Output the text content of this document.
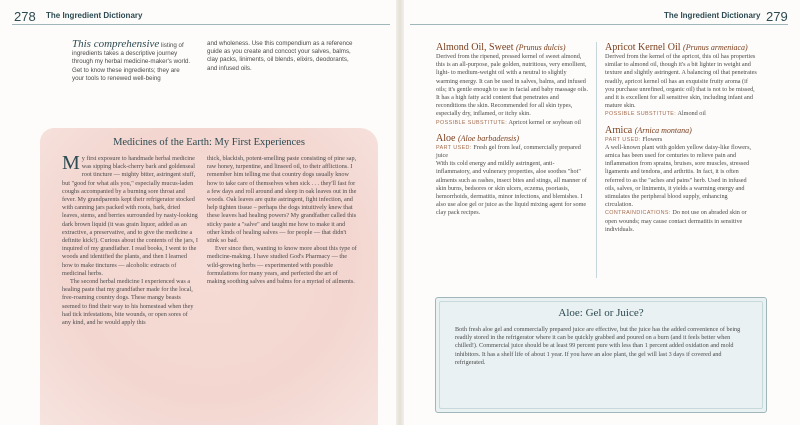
278 The Ingredient Dictionary

This comprehensive listing of ingredients takes a descriptive journey through my herbal medicine-maker's world. Get to know these ingredients; they are your tools to renewed well-being

and wholeness. Use this compendium as a reference guide as you create and concoct your salves, balms, clay packs, liniments, oil blends, elixirs, deodorants, and infused oils.

Medicines of the Earth: My First Experiences

My first exposure to handmade herbal medicine was sipping black-cherry bark and goldenseal root tincture — mighty bitter, astringent stuff, but "good for what ails you," especially mucus-laden coughs accompanied by a burning sore throat and fever. My grandparents kept their refrigerator stocked with canning jars packed with roots, bark, dried leaves, stems, and berries surrounded by nasty-looking dark brown liquid (it was grain liquor, added as an extractive, a preservative, and to give the medicine a definite kick!). Curious about the contents of the jars, I inquired of my grandfather. I read books, I went to the woods and identified the plants, and then I learned how to make tinctures — alcoholic extracts of medicinal herbs.

The second herbal medicine I experienced was a healing paste that my grandfather made for the local, free-roaming country dogs. These mangy beasts seemed to find their way to his homestead when they had tick infestations, bite wounds, or open sores of any kind, and he would apply this

thick, blackish, potent-smelling paste consisting of pine sap, raw honey, turpentine, and linseed oil, to their afflictions. I remember him telling me that country dogs usually know how to take care of themselves when sick . . . they'll fast for a few days and roll around and sleep in oak leaves out in the woods. Oak leaves are quite astringent, fight infection, and help tighten tissue – perhaps the dogs intuitively knew that these leaves had healing powers? My grandfather called this sticky paste a "salve" and taught me how to make it and other kinds of healing salves — for people — that didn't stink so bad.

Ever since then, wanting to know more about this type of medicine-making. I have studied God's Pharmacy — the wild-growing herbs — experimented with possible formulations for many years, and perfected the art of making soothing salves and balms for a myriad of ailments.

The Ingredient Dictionary 279
Almond Oil, Sweet (Prunus dulcis)

Derived from the ripened, pressed kernel of sweet almond, this is an all-purpose, pale golden, nutritious, very emollient, light- to medium-weight oil with a neutral to slightly warming energy. It can be used in salves, balms, and infused oils; it's gentle enough to use in facial and baby massage oils. It has a high fatty acid content that penetrates and reconditions the skin. Recommended for all skin types, especially dry, inflamed, or itchy skin.

POSSIBLE SUBSTITUTE: Apricot kernel or soybean oil

Aloe (Aloe barbadensis)

PART USED: Fresh gel from leaf, commercially prepared juice

With its cold energy and mildly astringent, anti-inflammatory, and vulnerary properties, aloe soothes "hot" ailments such as rashes, insect bites and stings, all manner of skin burns, bedsores or skin ulcers, eczema, psoriasis, hemorrhoids, dermatitis, minor infections, and blemishes. I also use aloe gel or juice as the liquid mixing agent for some clay pack recipes.

Apricot Kernel Oil (Prunus armeniaca)

Derived from the kernel of the apricot, this oil has properties similar to almond oil, though it's a bit lighter in weight and texture and slightly astringent. A balancing oil that penetrates readily, apricot kernel oil has an exquisite fruity aroma (if you purchase unrefined, organic oil) that is not to be missed, and it is excellent for all sensitive skin, including infant and mature skin.

POSSIBLE SUBSTITUTE: Almond oil

Arnica (Arnica montana)

PART USED: Flowers

A well-known plant with golden yellow daisy-like flowers, arnica has been used for centuries to relieve pain and inflammation from sprains, bruises, sore muscles, stressed ligaments and tendons, and arthritis. In fact, it is often referred to as the "aches and pains" herb. Used in infused oils, salves, or liniments, it yields a warming energy and stimulates the peripheral blood supply, enhancing circulation.

CONTRAINDICATIONS: Do not use on abraded skin or open wounds; may cause contact dermatitis in sensitive individuals.

Aloe: Gel or Juice?

Both fresh aloe gel and commercially prepared juice are effective, but the juice has the added convenience of being readily stored in the refrigerator where it can be quickly grabbed and poured on a burn (and it feels better when chilled!). Commercial juice should be at least 99 percent pure with less than 1 percent added oxidation and mold inhibitors. It has a shelf life of about 1 year. If you have an aloe plant, the gel will last 3 days if covered and refrigerated.
